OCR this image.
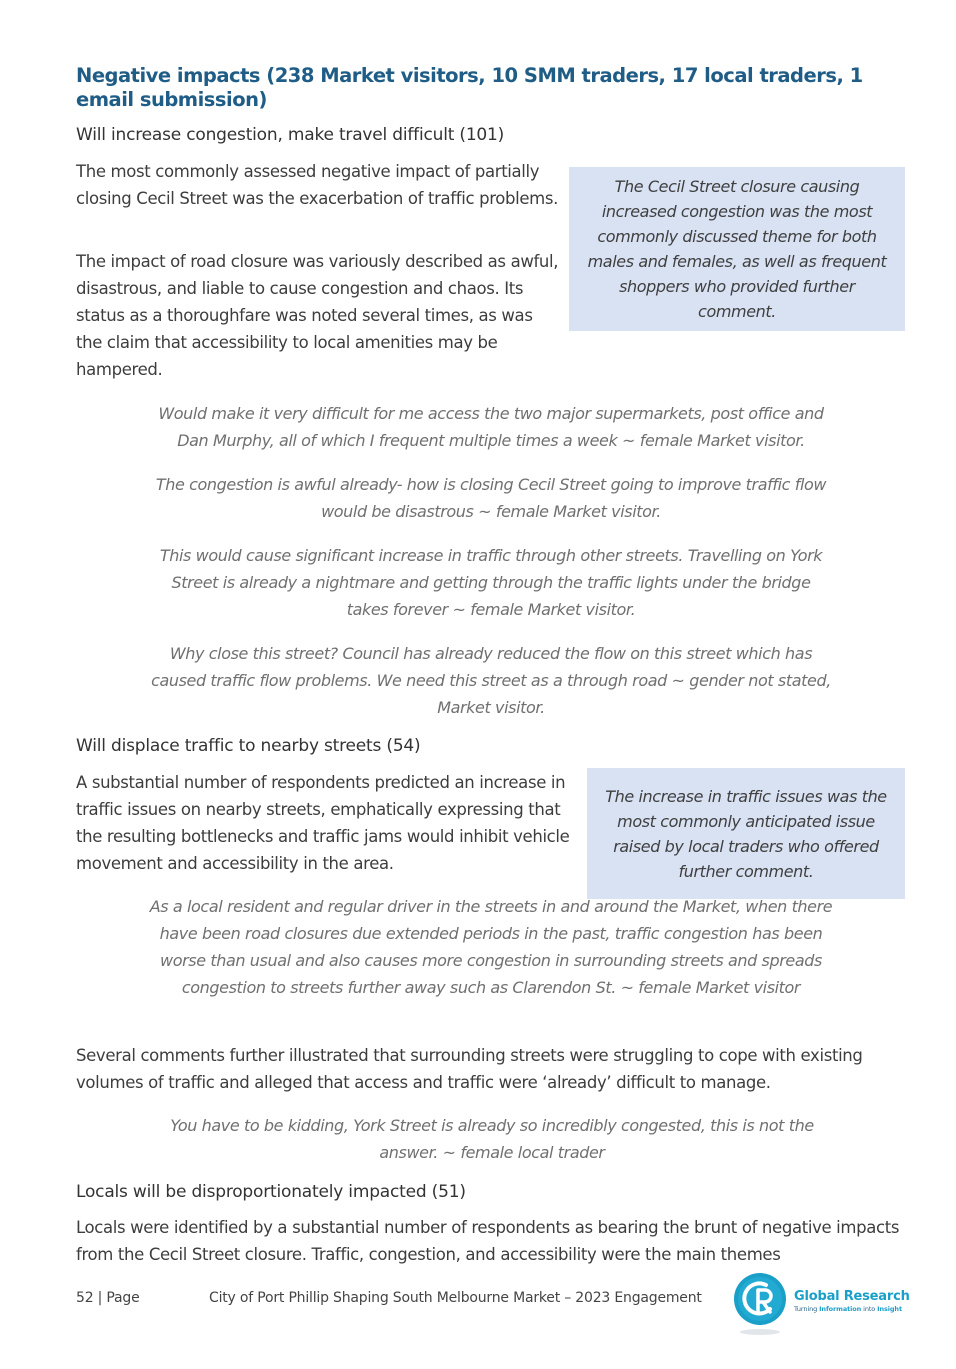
Negative impacts (238 Market visitors, 10 SMM traders, 17 local traders, 1 email submission)
Will increase congestion, make travel difficult (101)

The most commonly assessed negative impact of partially closing Cecil Street was the exacerbation of traffic problems.

The impact of road closure was variously described as awful, disastrous, and liable to cause congestion and chaos. Its status as a thoroughfare was noted several times, as was the claim that accessibility to local amenities may be hampered.

The Cecil Street closure causing increased congestion was the most commonly discussed theme for both males and females, as well as frequent shoppers who provided further comment.
Would make it very difficult for me access the two major supermarkets, post office and Dan Murphy, all of which I frequent multiple times a week ~ female Market visitor.
The congestion is awful already- how is closing Cecil Street going to improve traffic flow would be disastrous ~ female Market visitor.
This would cause significant increase in traffic through other streets. Travelling on York Street is already a nightmare and getting through the traffic lights under the bridge takes forever ~ female Market visitor.
Why close this street? Council has already reduced the flow on this street which has caused traffic flow problems. We need this street as a through road ~ gender not stated, Market visitor.
Will displace traffic to nearby streets (54)

A substantial number of respondents predicted an increase in traffic issues on nearby streets, emphatically expressing that the resulting bottlenecks and traffic jams would inhibit vehicle movement and accessibility in the area.

The increase in traffic issues was the most commonly anticipated issue raised by local traders who offered further comment.
As a local resident and regular driver in the streets in and around the Market, when there have been road closures due extended periods in the past, traffic congestion has been worse than usual and also causes more congestion in surrounding streets and spreads congestion to streets further away such as Clarendon St. ~ female Market visitor

Several comments further illustrated that surrounding streets were struggling to cope with existing volumes of traffic and alleged that access and traffic were ‘already’ difficult to manage.

You have to be kidding, York Street is already so incredibly congested, this is not the answer. ~ female local trader
Locals will be disproportionately impacted (51)

Locals were identified by a substantial number of respondents as bearing the brunt of negative impacts from the Cecil Street closure. Traffic, congestion, and accessibility were the main themes

52 | Page	City of Port Phillip Shaping South Melbourne Market – 2023 Engagement	Global Research
Turning Information into Insight
